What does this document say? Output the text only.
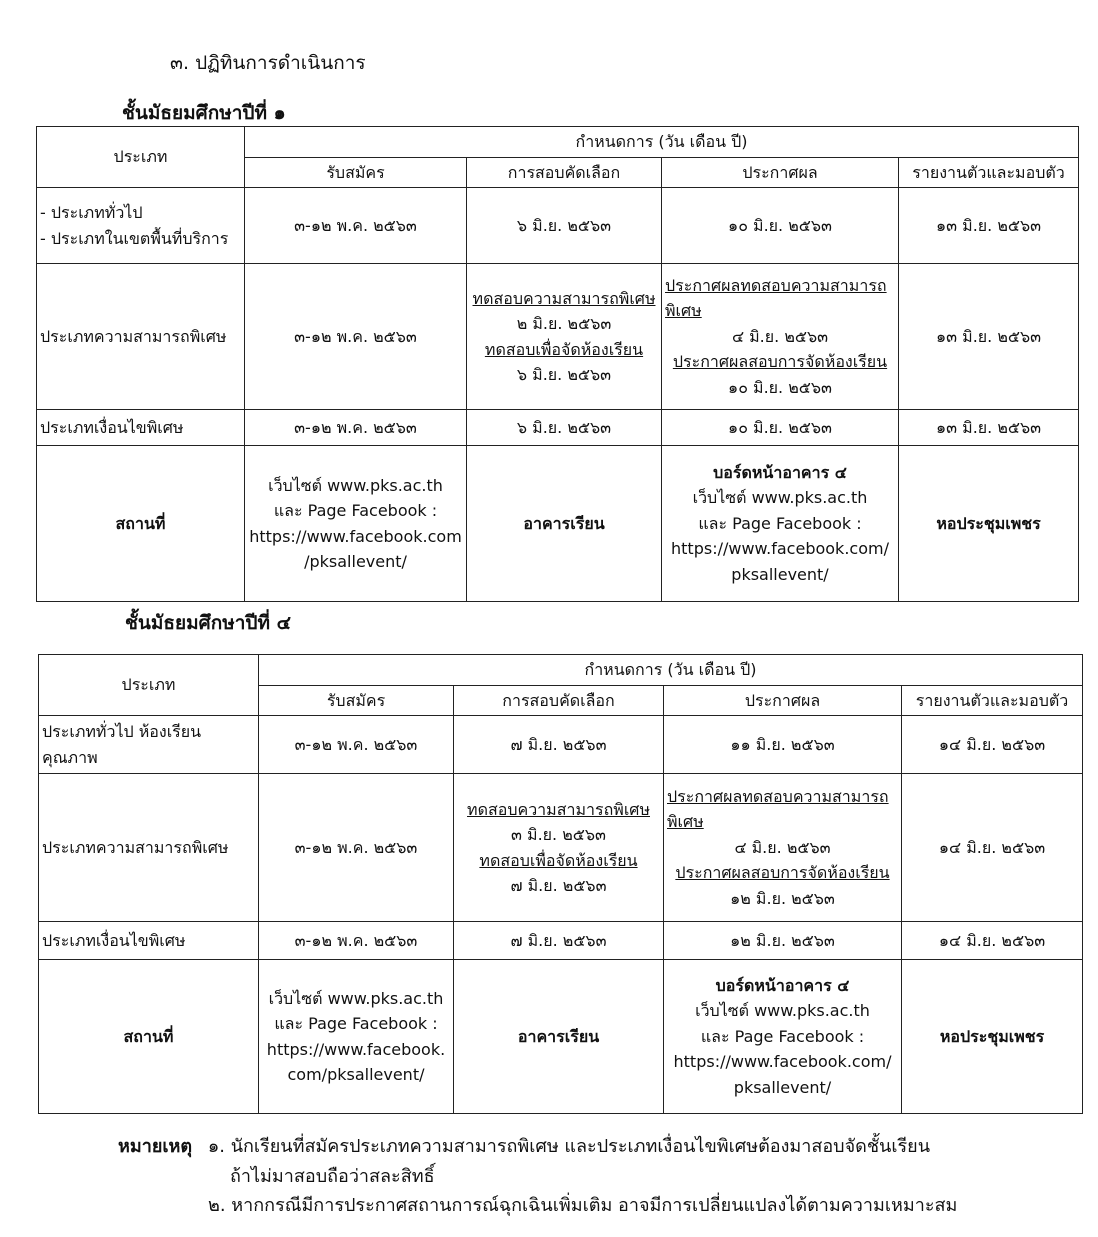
๓. ปฏิทินการดำเนินการ
ชั้นมัธยมศึกษาปีที่ ๑
ประเภท	กำหนดการ (วัน เดือน ปี)			
	รับสมัคร	การสอบคัดเลือก	ประกาศผล	รายงานตัวและมอบตัว

- ประเภททั่วไป
- ประเภทในเขตพื้นที่บริการ	๓-๑๒ พ.ค. ๒๕๖๓	๖ มิ.ย. ๒๕๖๓	๑๐ มิ.ย. ๒๕๖๓	๑๓ มิ.ย. ๒๕๖๓
ประเภทความสามารถพิเศษ	๓-๑๒ พ.ค. ๒๕๖๓	ทดสอบความสามารถพิเศษ
๒ มิ.ย. ๒๕๖๓
ทดสอบเพื่อจัดห้องเรียน
๖ มิ.ย. ๒๕๖๓	ประกาศผลทดสอบความสามารถ
พิเศษ
๔ มิ.ย. ๒๕๖๓
ประกาศผลสอบการจัดห้องเรียน
๑๐ มิ.ย. ๒๕๖๓	๑๓ มิ.ย. ๒๕๖๓
ประเภทเงื่อนไขพิเศษ	๓-๑๒ พ.ค. ๒๕๖๓	๖ มิ.ย. ๒๕๖๓	๑๐ มิ.ย. ๒๕๖๓	๑๓ มิ.ย. ๒๕๖๓
สถานที่	เว็บไซต์ www.pks.ac.th
และ Page Facebook :
https://www.facebook.com
/pksallevent/	อาคารเรียน	บอร์ดหน้าอาคาร ๔
เว็บไซต์ www.pks.ac.th
และ Page Facebook :
https://www.facebook.com/
pksallevent/	หอประชุมเพชร
ชั้นมัธยมศึกษาปีที่ ๔
ประเภท	กำหนดการ (วัน เดือน ปี)			
	รับสมัคร	การสอบคัดเลือก	ประกาศผล	รายงานตัวและมอบตัว

ประเภททั่วไป ห้องเรียน
คุณภาพ	๓-๑๒ พ.ค. ๒๕๖๓	๗ มิ.ย. ๒๕๖๓	๑๑ มิ.ย. ๒๕๖๓	๑๔ มิ.ย. ๒๕๖๓
ประเภทความสามารถพิเศษ	๓-๑๒ พ.ค. ๒๕๖๓	ทดสอบความสามารถพิเศษ
๓ มิ.ย. ๒๕๖๓
ทดสอบเพื่อจัดห้องเรียน
๗ มิ.ย. ๒๕๖๓	ประกาศผลทดสอบความสามารถ
พิเศษ
๔ มิ.ย. ๒๕๖๓
ประกาศผลสอบการจัดห้องเรียน
๑๒ มิ.ย. ๒๕๖๓	๑๔ มิ.ย. ๒๕๖๓
ประเภทเงื่อนไขพิเศษ	๓-๑๒ พ.ค. ๒๕๖๓	๗ มิ.ย. ๒๕๖๓	๑๒ มิ.ย. ๒๕๖๓	๑๔ มิ.ย. ๒๕๖๓
สถานที่	เว็บไซต์ www.pks.ac.th
และ Page Facebook :
https://www.facebook.
com/pksallevent/	อาคารเรียน	บอร์ดหน้าอาคาร ๔
เว็บไซต์ www.pks.ac.th
และ Page Facebook :
https://www.facebook.com/
pksallevent/	หอประชุมเพชร
หมายเหตุ ๑. นักเรียนที่สมัครประเภทความสามารถพิเศษ และประเภทเงื่อนไขพิเศษต้องมาสอบจัดชั้นเรียน
ถ้าไม่มาสอบถือว่าสละสิทธิ์
๒. หากกรณีมีการประกาศสถานการณ์ฉุกเฉินเพิ่มเติม อาจมีการเปลี่ยนแปลงได้ตามความเหมาะสม
